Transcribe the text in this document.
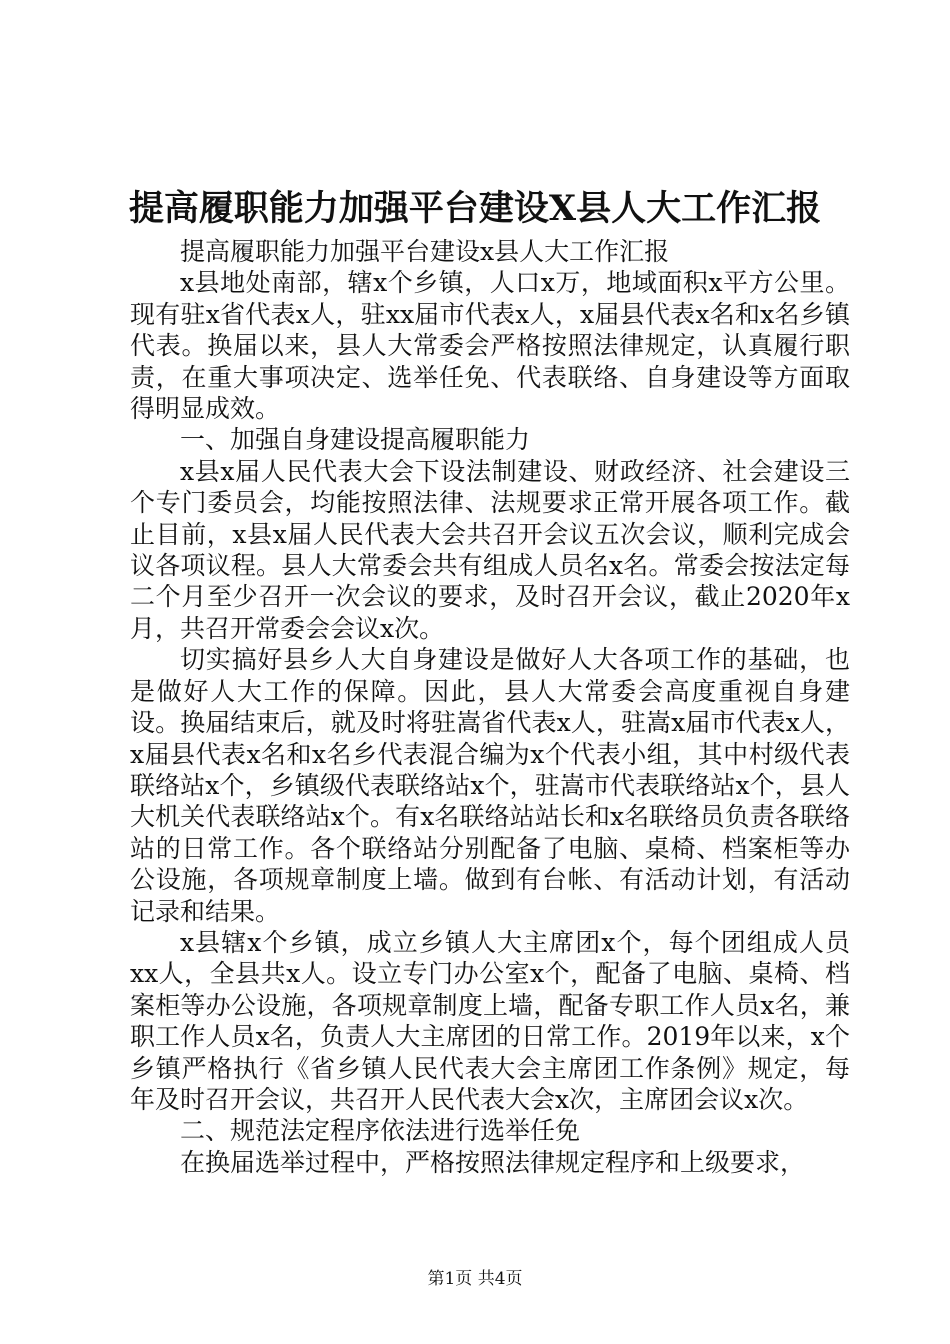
提高履职能力加强平台建设X县人大工作汇报

提高履职能力加强平台建设x县人大工作汇报

x县地处南部，辖x个乡镇，人口x万，地域面积x平方公里。现有驻x省代表x人，驻xx届市代表x人，x届县代表x名和x名乡镇代表。换届以来，县人大常委会严格按照法律规定，认真履行职责，在重大事项决定、选举任免、代表联络、自身建设等方面取得明显成效。

一、加强自身建设提高履职能力

x县x届人民代表大会下设法制建设、财政经济、社会建设三个专门委员会，均能按照法律、法规要求正常开展各项工作。截止目前，x县x届人民代表大会共召开会议五次会议，顺利完成会议各项议程。县人大常委会共有组成人员名x名。常委会按法定每二个月至少召开一次会议的要求，及时召开会议，截止2020年x月，共召开常委会会议x次。

切实搞好县乡人大自身建设是做好人大各项工作的基础，也是做好人大工作的保障。因此，县人大常委会高度重视自身建设。换届结束后，就及时将驻嵩省代表x人，驻嵩x届市代表x人，x届县代表x名和x名乡代表混合编为x个代表小组，其中村级代表联络站x个，乡镇级代表联络站x个，驻嵩市代表联络站x个，县人大机关代表联络站x个。有x名联络站站长和x名联络员负责各联络站的日常工作。各个联络站分别配备了电脑、桌椅、档案柜等办公设施，各项规章制度上墙。做到有台帐、有活动计划，有活动记录和结果。

x县辖x个乡镇，成立乡镇人大主席团x个，每个团组成人员xx人，全县共x人。设立专门办公室x个，配备了电脑、桌椅、档案柜等办公设施，各项规章制度上墙，配备专职工作人员x名，兼职工作人员x名，负责人大主席团的日常工作。2019年以来，x个乡镇严格执行《省乡镇人民代表大会主席团工作条例》规定，每年及时召开会议，共召开人民代表大会x次，主席团会议x次。

二、规范法定程序依法进行选举任免

在换届选举过程中，严格按照法律规定程序和上级要求，

第1页 共4页
